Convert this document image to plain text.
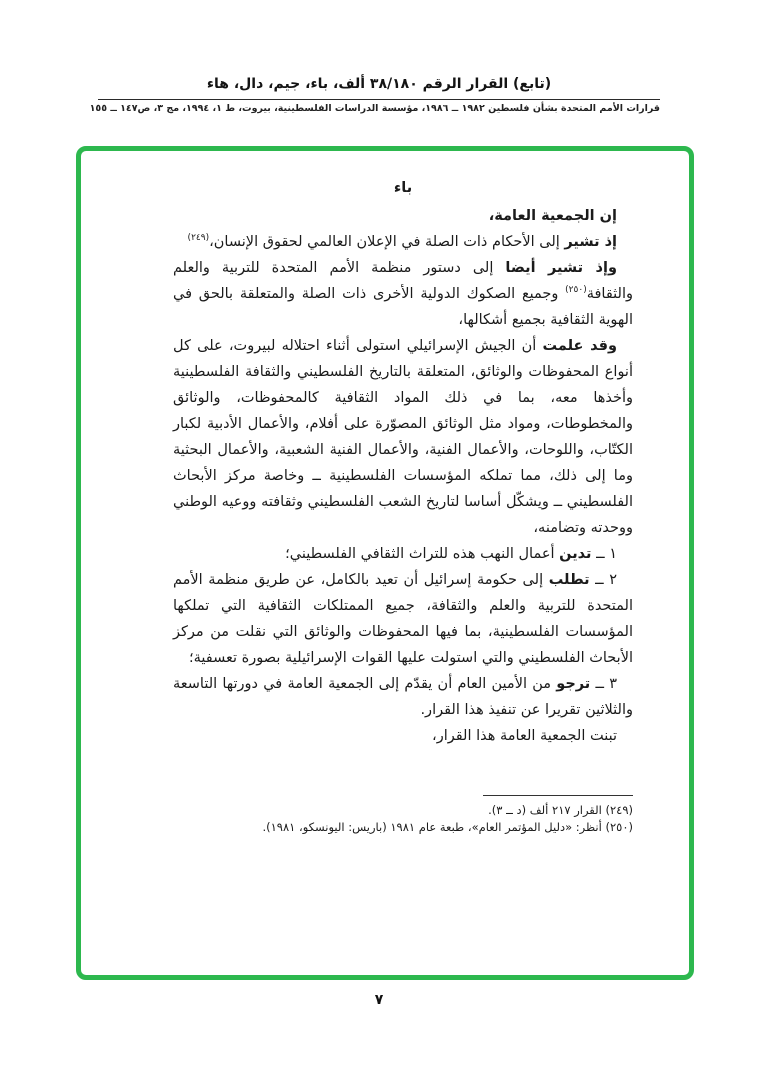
(تابع) القرار الرقم ٣٨/١٨٠ ألف، باء، جيم، دال، هاء
قرارات الأمم المتحدة بشأن فلسطين ١٩٨٢ ــ ١٩٨٦، مؤسسة الدراسات الفلسطينية، بيروت، ط ١، ١٩٩٤، مج ٣، ص١٤٧ ــ ١٥٥
باء

إن الجمعية العامة،

إذ تشير إلى الأحكام ذات الصلة في الإعلان العالمي لحقوق الإنسان،$^{(٢٤٩)}$

وإذ تشير أيضا إلى دستور منظمة الأمم المتحدة للتربية والعلم والثقافة$^{(٢٥٠)}$ وجميع الصكوك الدولية الأخرى ذات الصلة والمتعلقة بالحق في الهوية الثقافية بجميع أشكالها،

وقد علمت أن الجيش الإسرائيلي استولى أثناء احتلاله لبيروت، على كل أنواع المحفوظات والوثائق، المتعلقة بالتاريخ الفلسطيني والثقافة الفلسطينية وأخذها معه، بما في ذلك المواد الثقافية كالمحفوظات، والوثائق والمخطوطات، ومواد مثل الوثائق المصوّرة على أفلام، والأعمال الأدبية لكبار الكتّاب، واللوحات، والأعمال الفنية، والأعمال الفنية الشعبية، والأعمال البحثية وما إلى ذلك، مما تملكه المؤسسات الفلسطينية ــ وخاصة مركز الأبحاث الفلسطيني ــ ويشكّل أساسا لتاريخ الشعب الفلسطيني وثقافته ووعيه الوطني ووحدته وتضامنه،

١ ــ تدين أعمال النهب هذه للتراث الثقافي الفلسطيني؛

٢ ــ تطلب إلى حكومة إسرائيل أن تعيد بالكامل، عن طريق منظمة الأمم المتحدة للتربية والعلم والثقافة، جميع الممتلكات الثقافية التي تملكها المؤسسات الفلسطينية، بما فيها المحفوظات والوثائق التي نقلت من مركز الأبحاث الفلسطيني والتي استولت عليها القوات الإسرائيلية بصورة تعسفية؛

٣ ــ ترجو من الأمين العام أن يقدّم إلى الجمعية العامة في دورتها التاسعة والثلاثين تقريرا عن تنفيذ هذا القرار.

تبنت الجمعية العامة هذا القرار،

(٢٤٩) القرار ٢١٧ ألف (د ــ ٣).

(٢٥٠) أنظر: «دليل المؤتمر العام»، طبعة عام ١٩٨١ (باريس: اليونسكو، ١٩٨١).

٧
